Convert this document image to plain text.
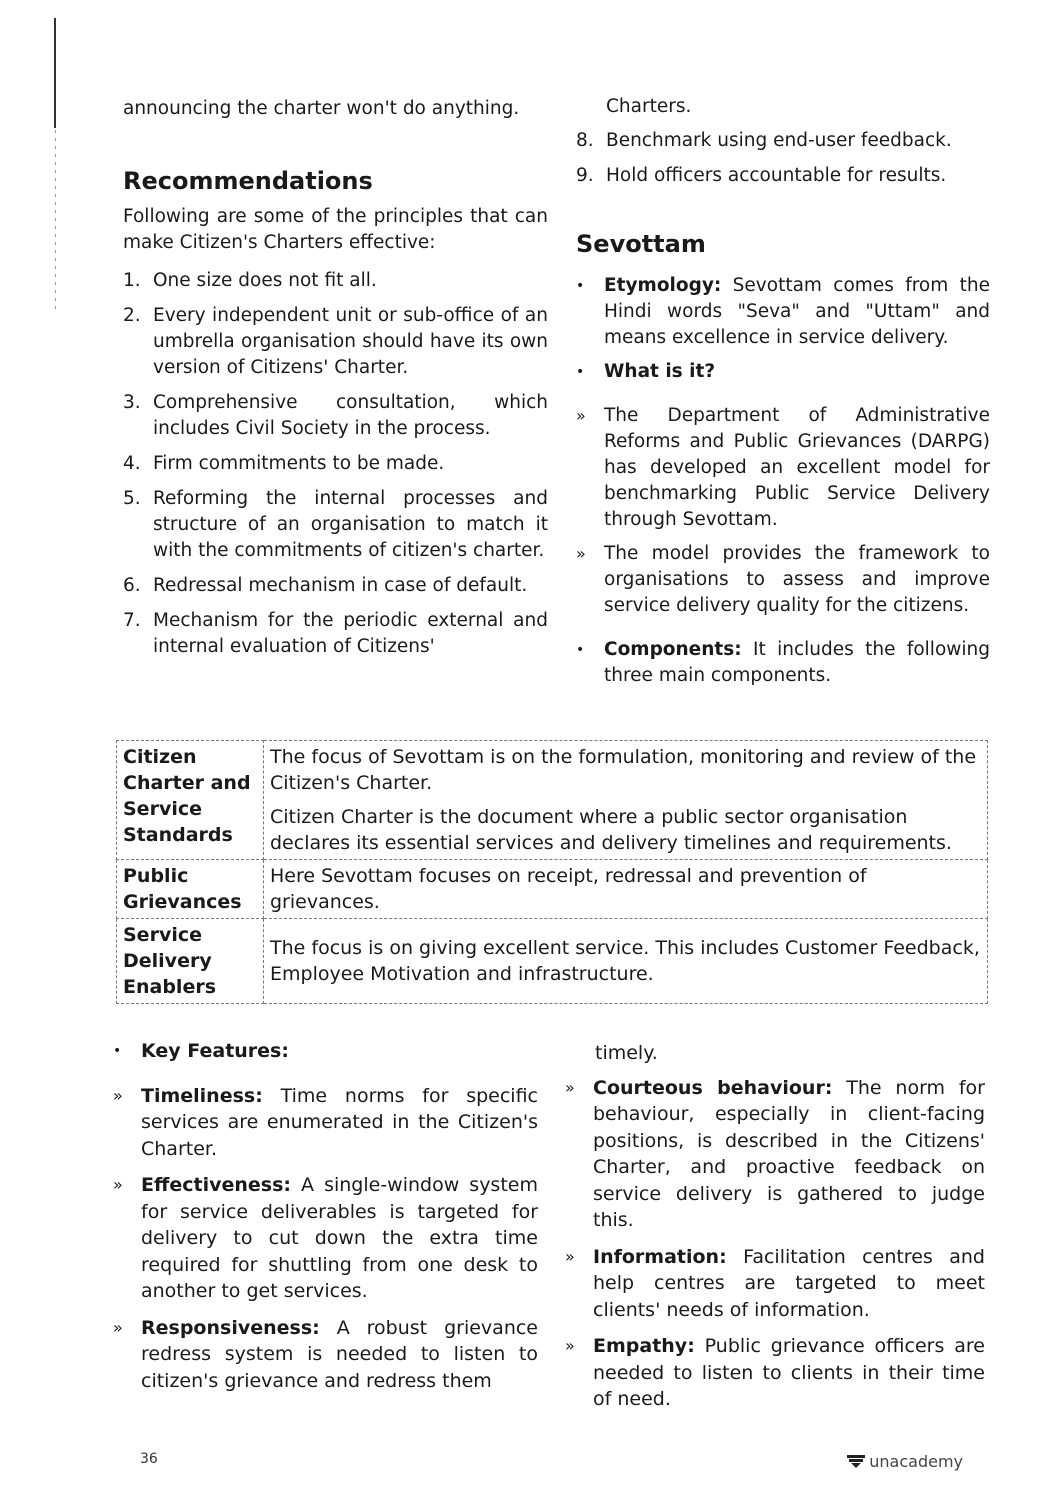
announcing the charter won't do anything.

Recommendations

Following are some of the principles that can make Citizen's Charters effective:

1. One size does not fit all.
2. Every independent unit or sub-office of an umbrella organisation should have its own version of Citizens' Charter.
3. Comprehensive consultation, which includes Civil Society in the process.
4. Firm commitments to be made.
5. Reforming the internal processes and structure of an organisation to match it with the commitments of citizen's charter.
6. Redressal mechanism in case of default.
7. Mechanism for the periodic external and internal evaluation of Citizens'

Charters.

8. Benchmark using end-user feedback.
9. Hold officers accountable for results.
Sevottam
•	Etymology: Sevottam comes from the Hindi words "Seva" and "Uttam" and means excellence in service delivery.
•	What is it?
» The Department of Administrative Reforms and Public Grievances (DARPG) has developed an excellent model for benchmarking Public Service Delivery through Sevottam.
» The model provides the framework to organisations to assess and improve service delivery quality for the citizens.
•	Components: It includes the following three main components.
Citizen Charter and Service Standards	The focus of Sevottam is on the formulation, monitoring and review of the Citizen's Charter.
Citizen Charter is the document where a public sector organisation declares its essential services and delivery timelines and requirements.

Public Grievances	Here Sevottam focuses on receipt, redressal and prevention of grievances.
Service Delivery Enablers	The focus is on giving excellent service. This includes Customer Feedback, Employee Motivation and infrastructure.
•	Key Features:
» Timeliness: Time norms for specific services are enumerated in the Citizen's Charter.
» Effectiveness: A single-window system for service deliverables is targeted for delivery to cut down the extra time required for shuttling from one desk to another to get services.
» Responsiveness: A robust grievance redress system is needed to listen to citizen's grievance and redress them

timely.

» Courteous behaviour: The norm for behaviour, especially in client-facing positions, is described in the Citizens' Charter, and proactive feedback on service delivery is gathered to judge this.
» Information: Facilitation centres and help centres are targeted to meet clients' needs of information.
» Empathy: Public grievance officers are needed to listen to clients in their time of need.
36	unacademy
